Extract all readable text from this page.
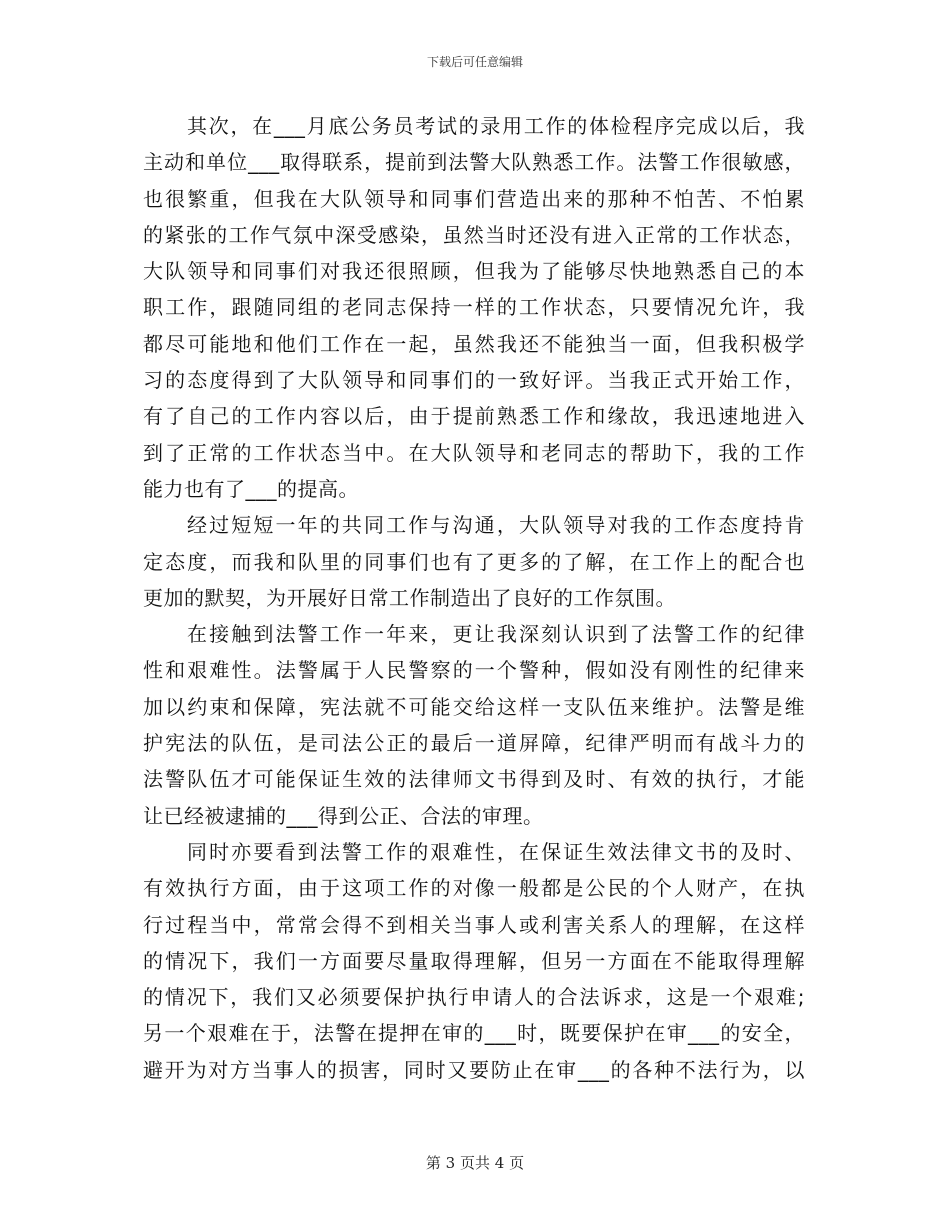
下载后可任意编辑
其次，在___月底公务员考试的录用工作的体检程序完成以后，我
主动和单位___取得联系，提前到法警大队熟悉工作。法警工作很敏感，
也很繁重，但我在大队领导和同事们营造出来的那种不怕苦、不怕累
的紧张的工作气氛中深受感染，虽然当时还没有进入正常的工作状态，
大队领导和同事们对我还很照顾，但我为了能够尽快地熟悉自己的本
职工作，跟随同组的老同志保持一样的工作状态，只要情况允许，我
都尽可能地和他们工作在一起，虽然我还不能独当一面，但我积极学
习的态度得到了大队领导和同事们的一致好评。当我正式开始工作，
有了自己的工作内容以后，由于提前熟悉工作和缘故，我迅速地进入
到了正常的工作状态当中。在大队领导和老同志的帮助下，我的工作
能力也有了___的提高。
经过短短一年的共同工作与沟通，大队领导对我的工作态度持肯
定态度，而我和队里的同事们也有了更多的了解，在工作上的配合也
更加的默契，为开展好日常工作制造出了良好的工作氛围。
在接触到法警工作一年来，更让我深刻认识到了法警工作的纪律
性和艰难性。法警属于人民警察的一个警种，假如没有刚性的纪律来
加以约束和保障，宪法就不可能交给这样一支队伍来维护。法警是维
护宪法的队伍，是司法公正的最后一道屏障，纪律严明而有战斗力的
法警队伍才可能保证生效的法律师文书得到及时、有效的执行，才能
让已经被逮捕的___得到公正、合法的审理。
同时亦要看到法警工作的艰难性，在保证生效法律文书的及时、
有效执行方面，由于这项工作的对像一般都是公民的个人财产，在执
行过程当中，常常会得不到相关当事人或利害关系人的理解，在这样
的情况下，我们一方面要尽量取得理解，但另一方面在不能取得理解
的情况下，我们又必须要保护执行申请人的合法诉求，这是一个艰难;
另一个艰难在于，法警在提押在审的___时，既要保护在审___的安全，
避开为对方当事人的损害，同时又要防止在审___的各种不法行为，以
第 3 页共 4 页
